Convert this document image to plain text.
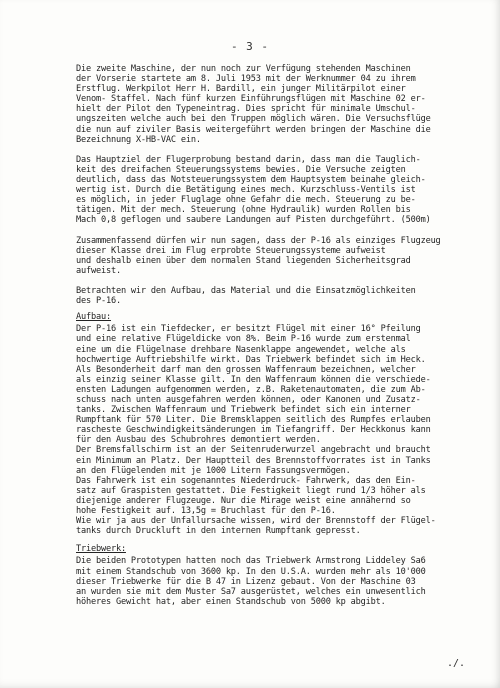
- 3 -
Die zweite Maschine, der nun noch zur Verfügung stehenden Maschinen
der Vorserie startete am 8. Juli 1953 mit der Werknummer 04 zu ihrem
Erstflug. Werkpilot Herr H. Bardill, ein junger Militärpilot einer
Venom- Staffel. Nach fünf kurzen Einführungsflügen mit Maschine 02 er-
hielt der Pilot den Typeneintrag. Dies spricht für minimale Umschul-
ungszeiten welche auch bei den Truppen möglich wären. Die Versuchsflüge
die nun auf ziviler Basis weitergeführt werden bringen der Maschine die
Bezeichnung X-HB-VAC ein.
Das Hauptziel der Flugerprobung bestand darin, dass man die Tauglich-
keit des dreifachen Steuerungssystems bewies. Die Versuche zeigten
deutlich, dass das Notsteuerungssystem dem Hauptsystem beinahe gleich-
wertig ist. Durch die Betätigung eines mech. Kurzschluss-Ventils ist
es möglich, in jeder Fluglage ohne Gefahr die mech. Steuerung zu be-
tätigen. Mit der mech. Steuerung (ohne Hydraulik) wurden Rollen bis
Mach 0,8 geflogen und saubere Landungen auf Pisten durchgeführt. (500m)
Zusammenfassend dürfen wir nun sagen, dass der P-16 als einziges Flugzeug
dieser Klasse drei im Flug erprobte Steuerungssysteme aufweist
und deshalb einen über dem normalen Stand liegenden Sicherheitsgrad
aufweist.
Betrachten wir den Aufbau, das Material und die Einsatzmöglichkeiten
des P-16.
Aufbau:
Der P-16 ist ein Tiefdecker, er besitzt Flügel mit einer 16° Pfeilung
und eine relative Flügeldicke von 8%. Beim P-16 wurde zum erstenmal
eine um die Flügelnase drehbare Nasenklappe angewendet, welche als
hochwertige Auftriebshilfe wirkt. Das Triebwerk befindet sich im Heck.
Als Besonderheit darf man den grossen Waffenraum bezeichnen, welcher
als einzig seiner Klasse gilt. In den Waffenraum können die verschiede-
ensten Ladungen aufgenommen werden, z.B. Raketenautomaten, die zum Ab-
schuss nach unten ausgefahren werden können, oder Kanonen und Zusatz-
tanks. Zwischen Waffenraum und Triebwerk befindet sich ein interner
Rumpftank für 570 Liter. Die Bremsklappen seitlich des Rumpfes erlauben
rascheste Geschwindigkeitsänderungen im Tiefangriff. Der Heckkonus kann
für den Ausbau des Schubrohres demontiert werden.
Der Bremsfallschirm ist an der Seitenruderwurzel angebracht und braucht
ein Minimum an Platz. Der Hauptteil des Brennstoffvorrates ist in Tanks
an den Flügelenden mit je 1000 Litern Fassungsvermögen.
Das Fahrwerk ist ein sogenanntes Niederdruck- Fahrwerk, das den Ein-
satz auf Graspisten gestattet. Die Festigkeit liegt rund 1/3 höher als
diejenige anderer Flugzeuge. Nur die Mirage weist eine annähernd so
hohe Festigkeit auf. 13,5g = Bruchlast für den P-16.
Wie wir ja aus der Unfallursache wissen, wird der Brennstoff der Flügel-
tanks durch Druckluft in den internen Rumpftank gepresst.
Triebwerk:
Die beiden Prototypen hatten noch das Triebwerk Armstrong Liddeley Sa6
mit einem Standschub von 3600 kp. In den U.S.A. wurden mehr als 10'000
dieser Triebwerke für die B 47 in Lizenz gebaut. Von der Maschine 03
an wurden sie mit dem Muster Sa7 ausgerüstet, welches ein unwesentlich
höheres Gewicht hat, aber einen Standschub von 5000 kp abgibt.
./.
